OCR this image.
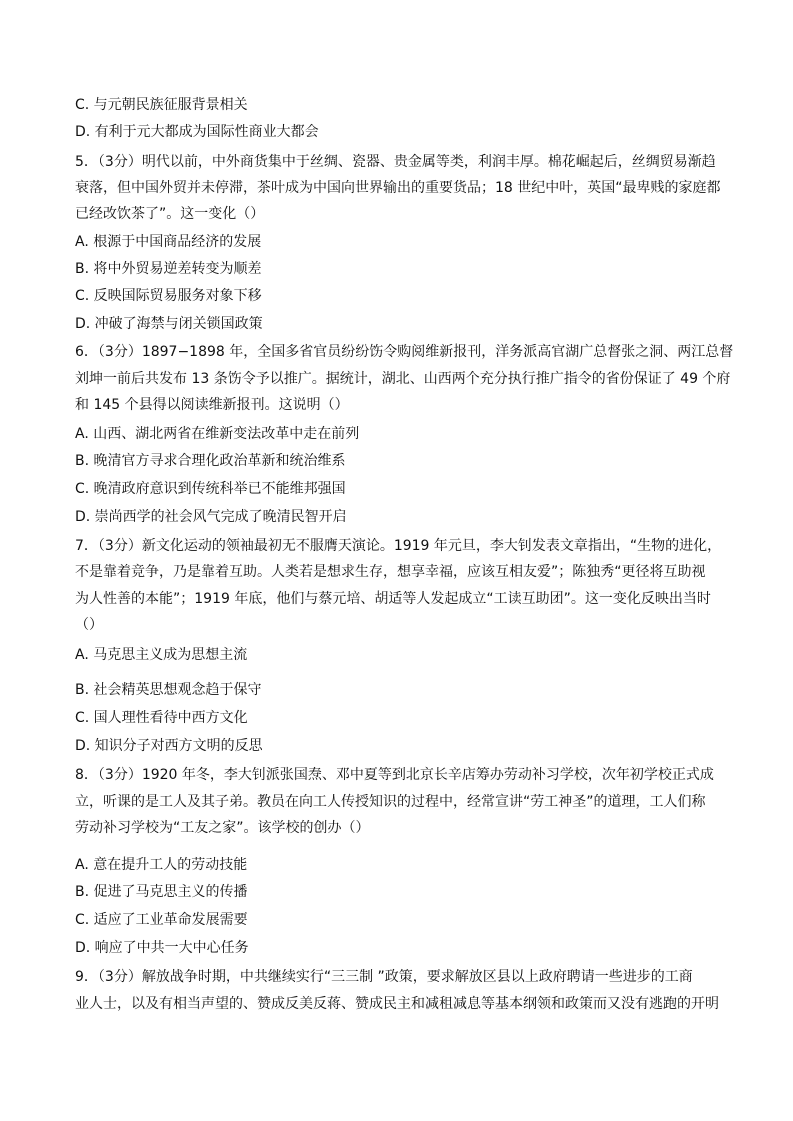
C. 与元朝民族征服背景相关
D. 有利于元大都成为国际性商业大都会
5．（3分）明代以前，中外商货集中于丝绸、瓷器、贵金属等类，利润丰厚。棉花崛起后，丝绸贸易渐趋
衰落，但中国外贸并未停滞，茶叶成为中国向世界输出的重要货品；18 世纪中叶，英国“最卑贱的家庭都
已经改饮茶了”。这一变化（）
A. 根源于中国商品经济的发展
B. 将中外贸易逆差转变为顺差
C. 反映国际贸易服务对象下移
D. 冲破了海禁与闭关锁国政策
6．（3分）1897−1898 年，全国多省官员纷纷饬令购阅维新报刊，洋务派高官湖广总督张之洞、两江总督
刘坤一前后共发布 13 条饬令予以推广。据统计，湖北、山西两个充分执行推广指令的省份保证了 49 个府
和 145 个县得以阅读维新报刊。这说明（）
A. 山西、湖北两省在维新变法改革中走在前列
B. 晚清官方寻求合理化政治革新和统治维系
C. 晚清政府意识到传统科举已不能维邦强国
D. 崇尚西学的社会风气完成了晚清民智开启
7．（3分）新文化运动的领袖最初无不服膺天演论。1919 年元旦，李大钊发表文章指出，“生物的进化，
不是靠着竞争，乃是靠着互助。人类若是想求生存，想享幸福，应该互相友爱”；陈独秀“更径将互助视
为人性善的本能”；1919 年底，他们与蔡元培、胡适等人发起成立“工读互助团”。这一变化反映出当时
（）
A. 马克思主义成为思想主流
B. 社会精英思想观念趋于保守
C. 国人理性看待中西方文化
D. 知识分子对西方文明的反思
8．（3分）1920 年冬，李大钊派张国焘、邓中夏等到北京长辛店筹办劳动补习学校，次年初学校正式成
立，听课的是工人及其子弟。教员在向工人传授知识的过程中，经常宣讲“劳工神圣”的道理，工人们称
劳动补习学校为“工友之家”。该学校的创办（）
A. 意在提升工人的劳动技能
B. 促进了马克思主义的传播
C. 适应了工业革命发展需要
D. 响应了中共一大中心任务
9．（3分）解放战争时期，中共继续实行“三三制 ”政策，要求解放区县以上政府聘请一些进步的工商
业人士，以及有相当声望的、赞成反美反蒋、赞成民主和减租减息等基本纲领和政策而又没有逃跑的开明
